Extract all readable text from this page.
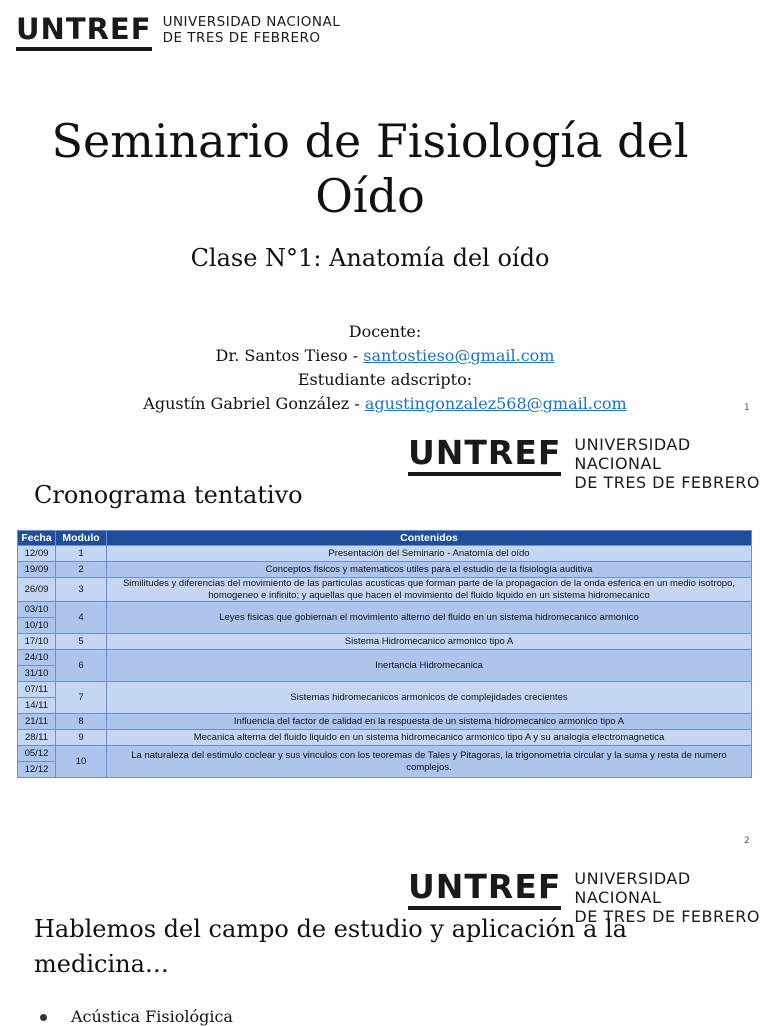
UNTREF UNIVERSIDAD NACIONAL
DE TRES DE FEBRERO
Seminario de Fisiología del
Oído
Clase N°1: Anatomía del oído
Docente:
Dr. Santos Tieso - santostieso@gmail.com
Estudiante adscripto:
Agustín Gabriel González - agustingonzalez568@gmail.com	1
UNTREF UNIVERSIDAD NACIONAL
DE TRES DE FEBRERO
Cronograma tentativo
Fecha	Modulo	Contenidos

12/09	1	Presentación del Seminario - Anatomía del oído

19/09	2	Conceptos fisicos y matematicos utiles para el estudio de la fisiología auditiva

26/09	3	Similitudes y diferencias del movimiento de las particulas acusticas que forman parte de la propagacion de la onda esferica en un medio isotropo, homogeneo e infinito; y aquellas que hacen el movimiento del fluido liquido en un sistema hidromecanico

03/10
10/10	4	Leyes fisicas que gobiernan el movimiento alterno del fluido en un sistema hidromecanico armonico

17/10	5	Sistema Hidromecanico armonico tipo A

24/10
31/10	6	Inertancia Hidromecanica

07/11
14/11	7	Sistemas hidromecanicos armonicos de complejidades crecientes

21/11	8	Influencia del factor de calidad en la respuesta de un sistema hidromecanico armonico tipo A

28/11	9	Mecanica alterna del fluido liquido en un sistema hidromecanico armonico tipo A y su analogia electromagnetica

05/12
12/12	10	La naturaleza del estimulo coclear y sus vinculos con los teoremas de Tales y Pitagoras, la trigonometria circular y la suma y resta de numero complejos.
2
UNTREF UNIVERSIDAD NACIONAL
DE TRES DE FEBRERO
Hablemos del campo de estudio y aplicación a la medicina…
Acústica Fisiológica
